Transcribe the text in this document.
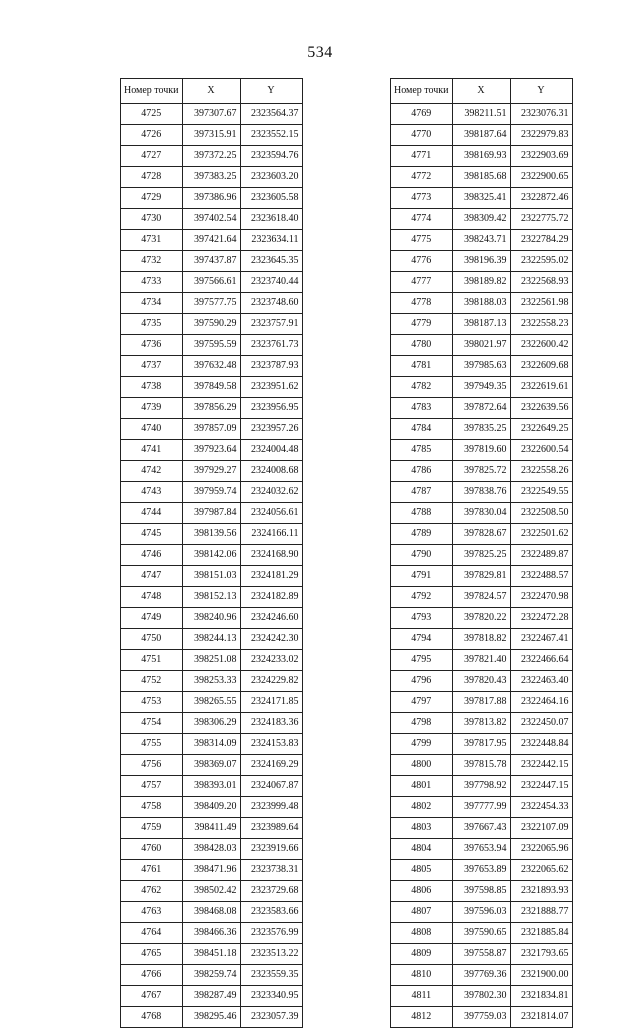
534
Номер точки	X	Y
4725	397307.67	2323564.37
4726	397315.91	2323552.15
4727	397372.25	2323594.76
4728	397383.25	2323603.20
4729	397386.96	2323605.58
4730	397402.54	2323618.40
4731	397421.64	2323634.11
4732	397437.87	2323645.35
4733	397566.61	2323740.44
4734	397577.75	2323748.60
4735	397590.29	2323757.91
4736	397595.59	2323761.73
4737	397632.48	2323787.93
4738	397849.58	2323951.62
4739	397856.29	2323956.95
4740	397857.09	2323957.26
4741	397923.64	2324004.48
4742	397929.27	2324008.68
4743	397959.74	2324032.62
4744	397987.84	2324056.61
4745	398139.56	2324166.11
4746	398142.06	2324168.90
4747	398151.03	2324181.29
4748	398152.13	2324182.89
4749	398240.96	2324246.60
4750	398244.13	2324242.30
4751	398251.08	2324233.02
4752	398253.33	2324229.82
4753	398265.55	2324171.85
4754	398306.29	2324183.36
4755	398314.09	2324153.83
4756	398369.07	2324169.29
4757	398393.01	2324067.87
4758	398409.20	2323999.48
4759	398411.49	2323989.64
4760	398428.03	2323919.66
4761	398471.96	2323738.31
4762	398502.42	2323729.68
4763	398468.08	2323583.66
4764	398466.36	2323576.99
4765	398451.18	2323513.22
4766	398259.74	2323559.35
4767	398287.49	2323340.95
4768	398295.46	2323057.39
Номер точки	X	Y
4769	398211.51	2323076.31
4770	398187.64	2322979.83
4771	398169.93	2322903.69
4772	398185.68	2322900.65
4773	398325.41	2322872.46
4774	398309.42	2322775.72
4775	398243.71	2322784.29
4776	398196.39	2322595.02
4777	398189.82	2322568.93
4778	398188.03	2322561.98
4779	398187.13	2322558.23
4780	398021.97	2322600.42
4781	397985.63	2322609.68
4782	397949.35	2322619.61
4783	397872.64	2322639.56
4784	397835.25	2322649.25
4785	397819.60	2322600.54
4786	397825.72	2322558.26
4787	397838.76	2322549.55
4788	397830.04	2322508.50
4789	397828.67	2322501.62
4790	397825.25	2322489.87
4791	397829.81	2322488.57
4792	397824.57	2322470.98
4793	397820.22	2322472.28
4794	397818.82	2322467.41
4795	397821.40	2322466.64
4796	397820.43	2322463.40
4797	397817.88	2322464.16
4798	397813.82	2322450.07
4799	397817.95	2322448.84
4800	397815.78	2322442.15
4801	397798.92	2322447.15
4802	397777.99	2322454.33
4803	397667.43	2322107.09
4804	397653.94	2322065.96
4805	397653.89	2322065.62
4806	397598.85	2321893.93
4807	397596.03	2321888.77
4808	397590.65	2321885.84
4809	397558.87	2321793.65
4810	397769.36	2321900.00
4811	397802.30	2321834.81
4812	397759.03	2321814.07
